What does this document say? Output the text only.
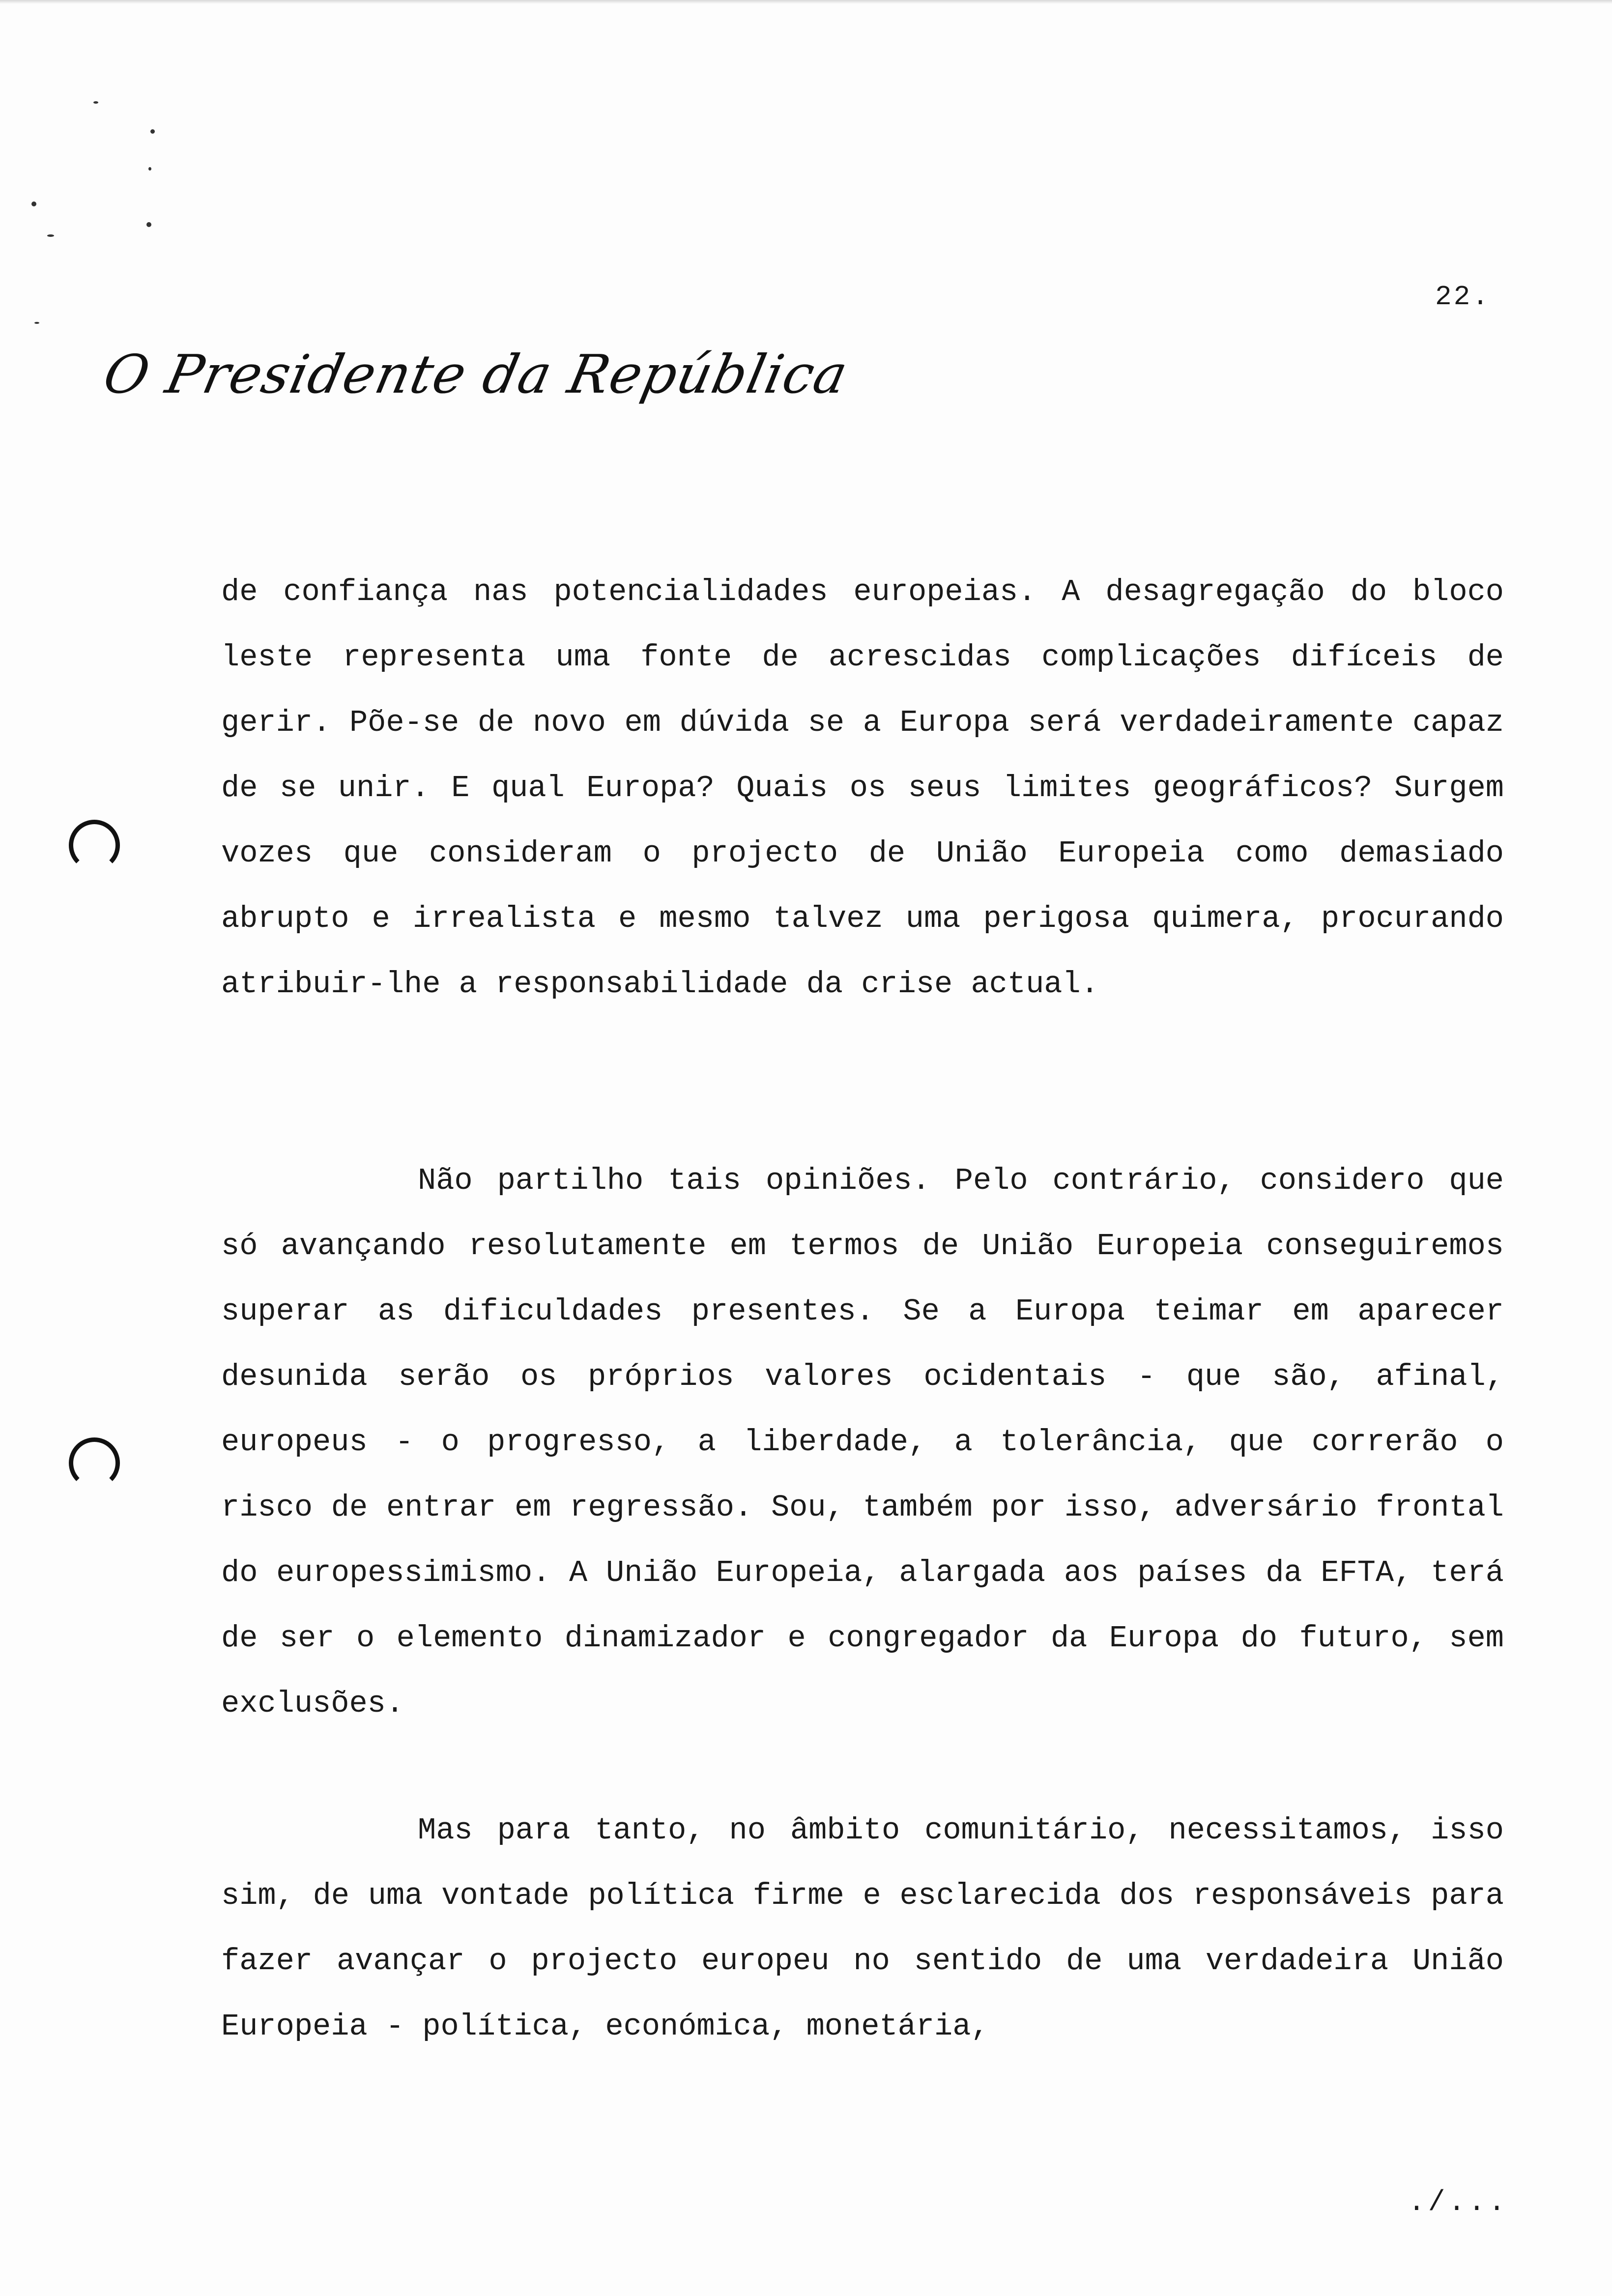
22.
O Presidente da República

de confiança nas potencialidades europeias. A desagregação do bloco leste representa uma fonte de acrescidas complicações difíceis de gerir. Põe-se de novo em dúvida se a Europa será verdadeiramente capaz de se unir. E qual Europa? Quais os seus limites geográficos? Surgem vozes que consideram o projecto de União Europeia como demasiado abrupto e irrealista e mesmo talvez uma perigosa quimera, procurando atribuir-lhe a responsabilidade da crise actual.

Não partilho tais opiniões. Pelo contrário, considero que só avançando resolutamente em termos de União Europeia conseguiremos superar as dificuldades presentes. Se a Europa teimar em aparecer desunida serão os próprios valores ocidentais - que são, afinal, europeus - o progresso, a liberdade, a tolerância, que correrão o risco de entrar em regressão. Sou, também por isso, adversário frontal do europessimismo. A União Europeia, alargada aos países da EFTA, terá de ser o elemento dinamizador e congregador da Europa do futuro, sem exclusões.

Mas para tanto, no âmbito comunitário, necessitamos, isso sim, de uma vontade política firme e esclarecida dos responsáveis para fazer avançar o projecto europeu no sentido de uma verdadeira União Europeia - política, económica, monetária,

./...
